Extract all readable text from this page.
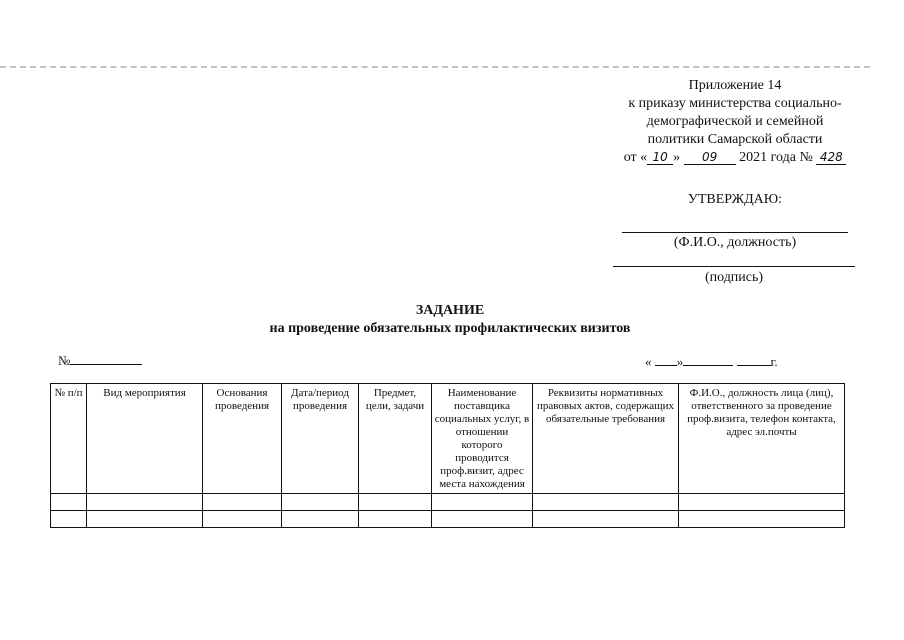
Приложение 14
к приказу министерства социально-
демографической и семейной
политики Самарской области
от « 10 » 09 2021 года № 428
УТВЕРЖДАЮ:
(Ф.И.О., должность)
(подпись)
ЗАДАНИЕ
на проведение обязательных профилактических визитов
№	« »	г.
№ п/п	Вид мероприятия	Основания проведения	Дата/период проведения	Предмет, цели, задачи	Наименование поставщика социальных услуг, в отношении которого проводится проф.визит, адрес места нахождения	Реквизиты нормативных правовых актов, содержащих обязательные требования	Ф.И.О., должность лица (лиц), ответственного за проведение проф.визита, телефон контакта, адрес эл.почты
